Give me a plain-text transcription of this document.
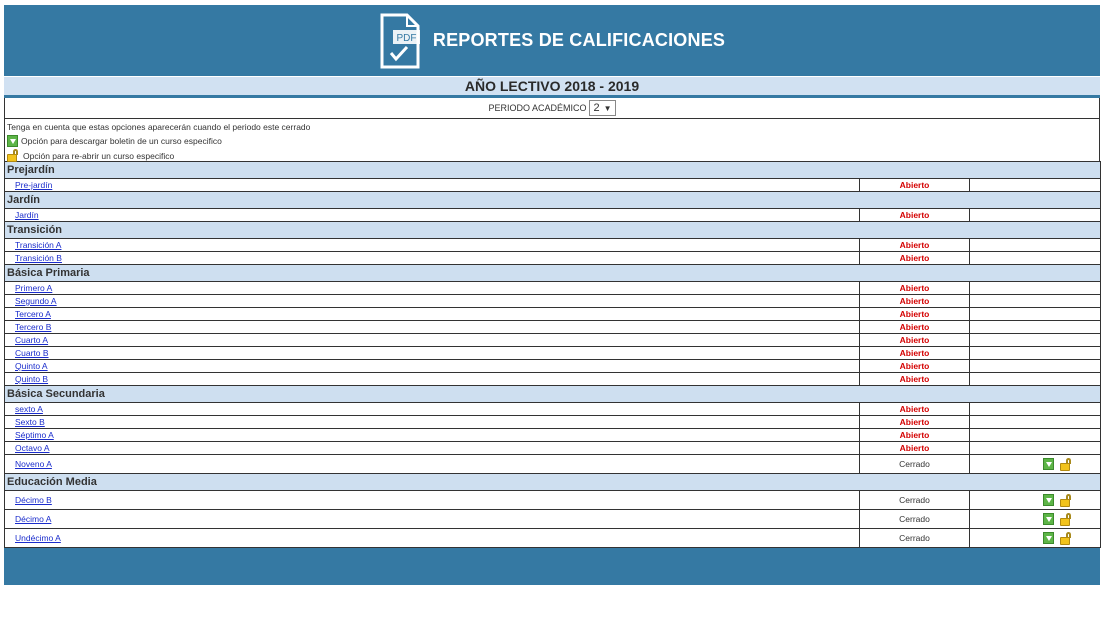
PDF REPORTES DE CALIFICACIONES
AÑO LECTIVO 2018 - 2019
PERIODO ACADÉMICO 2 ▼
Tenga en cuenta que estas opciones aparecerán cuando el periodo este cerrado
Opción para descargar boletin de un curso especifico
Opción para re-abrir un curso especifico
Prejardín		
Pre-jardín	Abierto	
Jardín		
Jardín	Abierto	
Transición		
Transición A	Abierto	
Transición B	Abierto	
Básica Primaria		
Primero A	Abierto	
Segundo A	Abierto	
Tercero A	Abierto	
Tercero B	Abierto	
Cuarto A	Abierto	
Cuarto B	Abierto	
Quinto A	Abierto	
Quinto B	Abierto	
Básica Secundaria		
sexto A	Abierto	
Sexto B	Abierto	
Séptimo A	Abierto	
Octavo A	Abierto	
Noveno A	Cerrado	

Educación Media		
Décimo B	Cerrado	

Décimo A	Cerrado	

Undécimo A	Cerrado	
